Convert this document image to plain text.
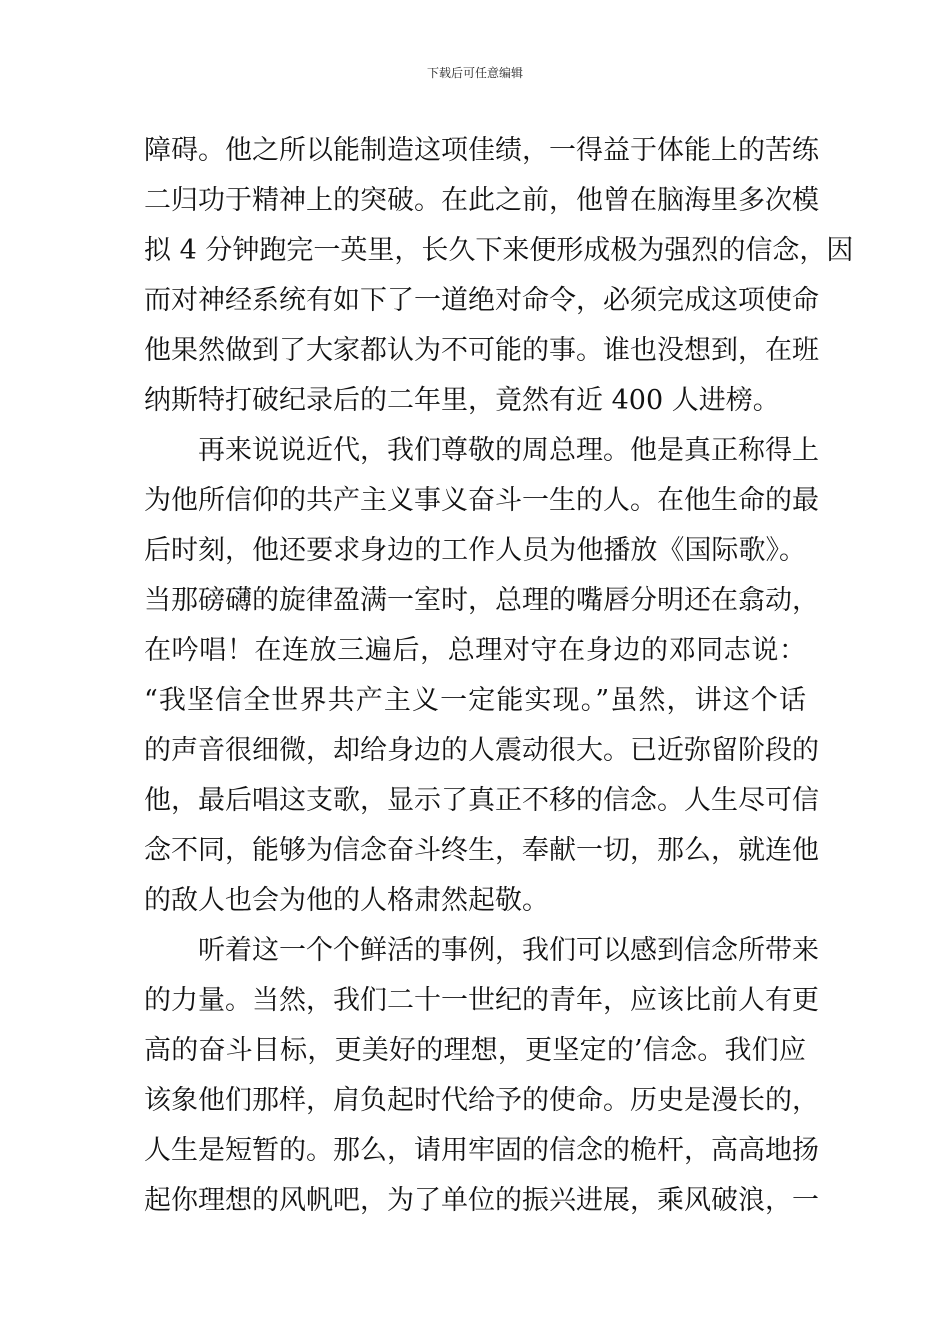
下载后可任意编辑
障碍。他之所以能制造这项佳绩，一得益于体能上的苦练
二归功于精神上的突破。在此之前，他曾在脑海里多次模
拟 4 分钟跑完一英里，长久下来便形成极为强烈的信念，因
而对神经系统有如下了一道绝对命令，必须完成这项使命
他果然做到了大家都认为不可能的事。谁也没想到，在班
纳斯特打破纪录后的二年里，竟然有近 400 人进榜。
再来说说近代，我们尊敬的周总理。他是真正称得上
为他所信仰的共产主义事义奋斗一生的人。在他生命的最
后时刻，他还要求身边的工作人员为他播放《国际歌》。
当那磅礴的旋律盈满一室时，总理的嘴唇分明还在翕动，
在吟唱！在连放三遍后，总理对守在身边的邓同志说：
“我坚信全世界共产主义一定能实现。”虽然，讲这个话
的声音很细微，却给身边的人震动很大。已近弥留阶段的
他，最后唱这支歌，显示了真正不移的信念。人生尽可信
念不同，能够为信念奋斗终生，奉献一切，那么，就连他
的敌人也会为他的人格肃然起敬。
听着这一个个鲜活的事例，我们可以感到信念所带来
的力量。当然，我们二十一世纪的青年，应该比前人有更
高的奋斗目标，更美好的理想，更坚定的’信念。我们应
该象他们那样，肩负起时代给予的使命。历史是漫长的，
人生是短暂的。那么，请用牢固的信念的桅杆，高高地扬
起你理想的风帆吧，为了单位的振兴进展，乘风破浪，一
